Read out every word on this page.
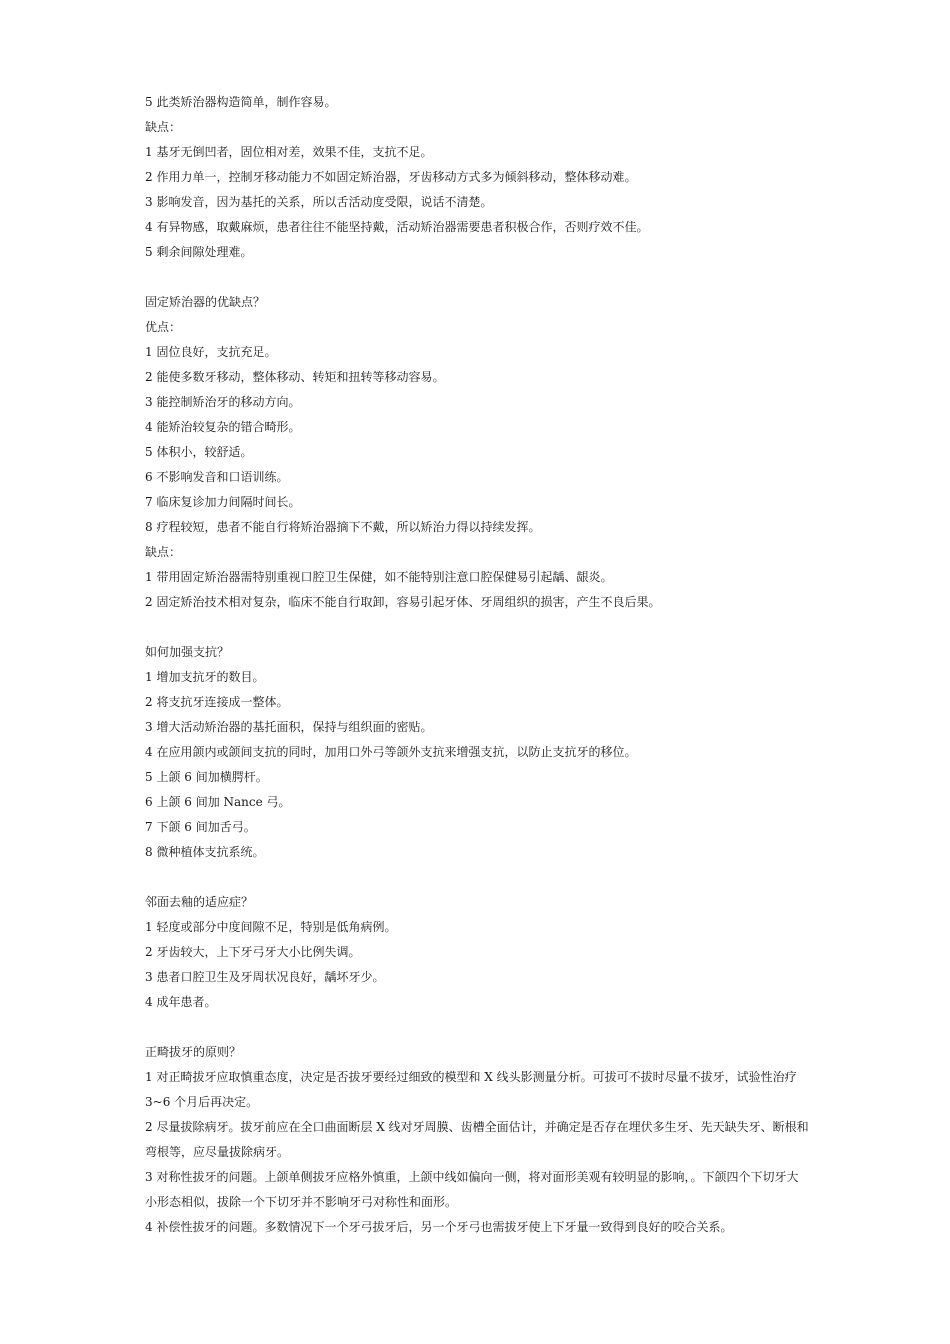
5 此类矫治器构造简单，制作容易。
缺点：
1 基牙无倒凹者，固位相对差，效果不佳，支抗不足。
2 作用力单一，控制牙移动能力不如固定矫治器，牙齿移动方式多为倾斜移动，整体移动难。
3 影响发音，因为基托的关系，所以舌活动度受限，说话不清楚。
4 有异物感，取戴麻烦，患者往往不能坚持戴，活动矫治器需要患者积极合作，否则疗效不佳。
5 剩余间隙处理难。
固定矫治器的优缺点？
优点：
1 固位良好，支抗充足。
2 能使多数牙移动，整体移动、转矩和扭转等移动容易。
3 能控制矫治牙的移动方向。
4 能矫治较复杂的错合畸形。
5 体积小，较舒适。
6 不影响发音和口语训练。
7 临床复诊加力间隔时间长。
8 疗程较短，患者不能自行将矫治器摘下不戴，所以矫治力得以持续发挥。
缺点：
1 带用固定矫治器需特别重视口腔卫生保健，如不能特别注意口腔保健易引起龋、龈炎。
2 固定矫治技术相对复杂，临床不能自行取卸，容易引起牙体、牙周组织的损害，产生不良后果。
如何加强支抗？
1 增加支抗牙的数目。
2 将支抗牙连接成一整体。
3 增大活动矫治器的基托面积，保持与组织面的密贴。
4 在应用颌内或颌间支抗的同时，加用口外弓等颌外支抗来增强支抗，以防止支抗牙的移位。
5 上颌 6 间加横腭杆。
6 上颌 6 间加 Nance 弓。
7 下颌 6 间加舌弓。
8 微种植体支抗系统。
邻面去釉的适应症？
1 轻度或部分中度间隙不足，特别是低角病例。
2 牙齿较大，上下牙弓牙大小比例失调。
3 患者口腔卫生及牙周状况良好，龋坏牙少。
4 成年患者。
正畸拔牙的原则？
1 对正畸拔牙应取慎重态度，决定是否拔牙要经过细致的模型和 X 线头影测量分析。可拔可不拔时尽量不拔牙，试验性治疗 3~6 个月后再决定。
2 尽量拔除病牙。拔牙前应在全口曲面断层 X 线对牙周膜、齿槽全面估计，并确定是否存在埋伏多生牙、先天缺失牙、断根和弯根等，应尽量拔除病牙。
3 对称性拔牙的问题。上颌单侧拔牙应格外慎重，上颌中线如偏向一侧，将对面形美观有较明显的影响，。下颌四个下切牙大小形态相似，拔除一个下切牙并不影响牙弓对称性和面形。
4 补偿性拔牙的问题。多数情况下一个牙弓拔牙后，另一个牙弓也需拔牙使上下牙量一致得到良好的咬合关系。
